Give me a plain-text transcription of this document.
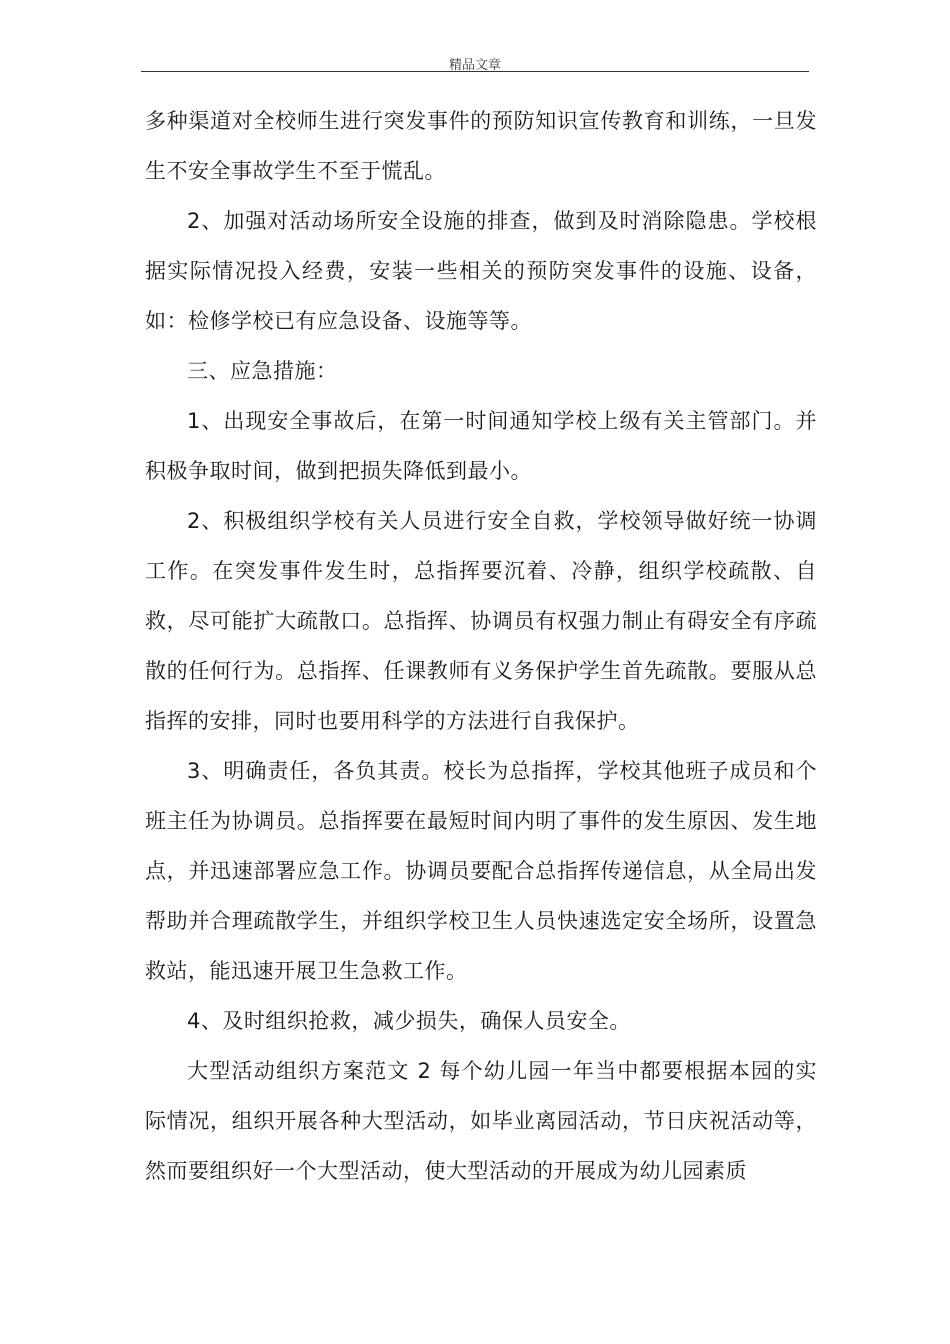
精品文章

多种渠道对全校师生进行突发事件的预防知识宣传教育和训练，一旦发生不安全事故学生不至于慌乱。

2、加强对活动场所安全设施的排查，做到及时消除隐患。学校根据实际情况投入经费，安装一些相关的预防突发事件的设施、设备，如：检修学校已有应急设备、设施等等。

三、应急措施：

1、出现安全事故后，在第一时间通知学校上级有关主管部门。并积极争取时间，做到把损失降低到最小。

2、积极组织学校有关人员进行安全自救，学校领导做好统一协调工作。在突发事件发生时，总指挥要沉着、冷静，组织学校疏散、自救，尽可能扩大疏散口。总指挥、协调员有权强力制止有碍安全有序疏散的任何行为。总指挥、任课教师有义务保护学生首先疏散。要服从总指挥的安排，同时也要用科学的方法进行自我保护。

3、明确责任，各负其责。校长为总指挥，学校其他班子成员和个班主任为协调员。总指挥要在最短时间内明了事件的发生原因、发生地点，并迅速部署应急工作。协调员要配合总指挥传递信息，从全局出发帮助并合理疏散学生，并组织学校卫生人员快速选定安全场所，设置急救站，能迅速开展卫生急救工作。

4、及时组织抢救，减少损失，确保人员安全。

大型活动组织方案范文 2 每个幼儿园一年当中都要根据本园的实际情况，组织开展各种大型活动，如毕业离园活动，节日庆祝活动等，然而要组织好一个大型活动，使大型活动的开展成为幼儿园素质
